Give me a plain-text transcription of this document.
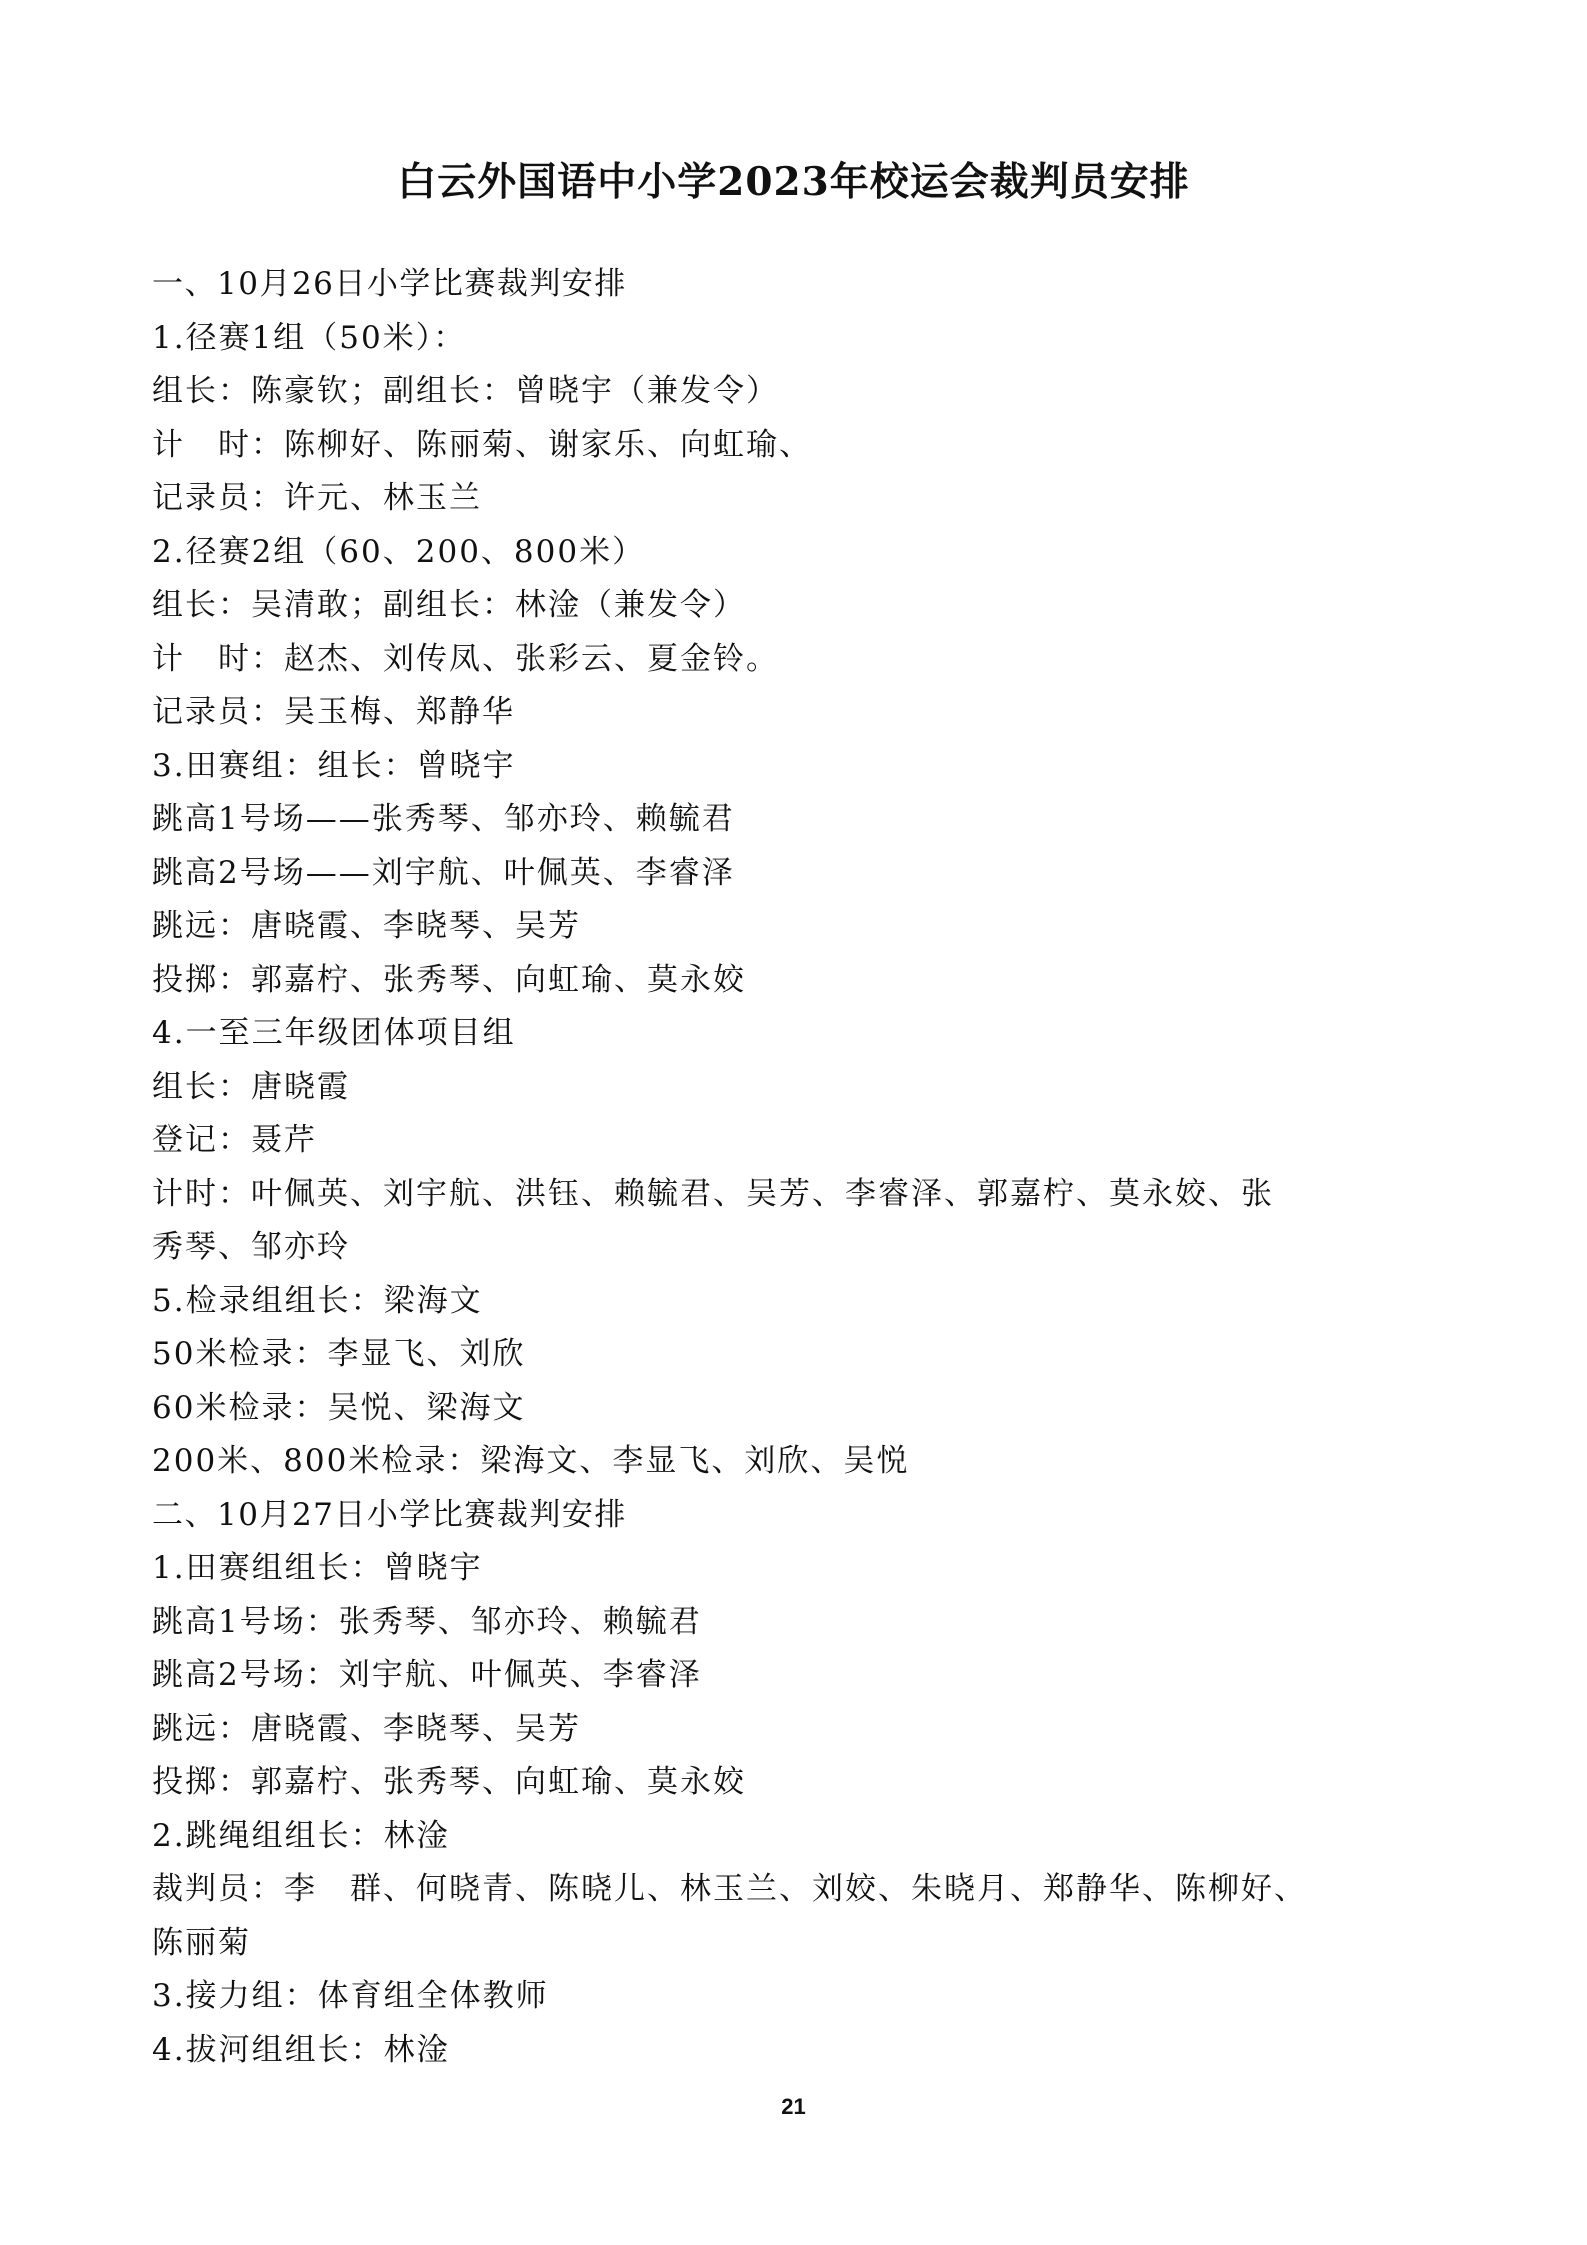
白云外国语中小学2023年校运会裁判员安排
一、10月26日小学比赛裁判安排
1.径赛1组（50米）：
组长：陈豪钦；副组长：曾晓宇（兼发令）
计　时：陈柳好、陈丽菊、谢家乐、向虹瑜、
记录员：许元、林玉兰
2.径赛2组（60、200、800米）
组长：吴清敢；副组长：林淦（兼发令）
计　时：赵杰、刘传凤、张彩云、夏金铃。
记录员：吴玉梅、郑静华
3.田赛组：组长：曾晓宇
跳高1号场——张秀琴、邹亦玲、赖毓君
跳高2号场——刘宇航、叶佩英、李睿泽
跳远：唐晓霞、李晓琴、吴芳
投掷：郭嘉柠、张秀琴、向虹瑜、莫永姣
4.一至三年级团体项目组
组长：唐晓霞
登记：聂芹
计时：叶佩英、刘宇航、洪钰、赖毓君、吴芳、李睿泽、郭嘉柠、莫永姣、张
秀琴、邹亦玲
5.检录组组长：梁海文
50米检录：李显飞、刘欣
60米检录：吴悦、梁海文
200米、800米检录：梁海文、李显飞、刘欣、吴悦
二、10月27日小学比赛裁判安排
1.田赛组组长：曾晓宇
跳高1号场：张秀琴、邹亦玲、赖毓君
跳高2号场：刘宇航、叶佩英、李睿泽
跳远：唐晓霞、李晓琴、吴芳
投掷：郭嘉柠、张秀琴、向虹瑜、莫永姣
2.跳绳组组长：林淦
裁判员：李　群、何晓青、陈晓儿、林玉兰、刘姣、朱晓月、郑静华、陈柳好、
陈丽菊
3.接力组：体育组全体教师
4.拔河组组长：林淦
21
